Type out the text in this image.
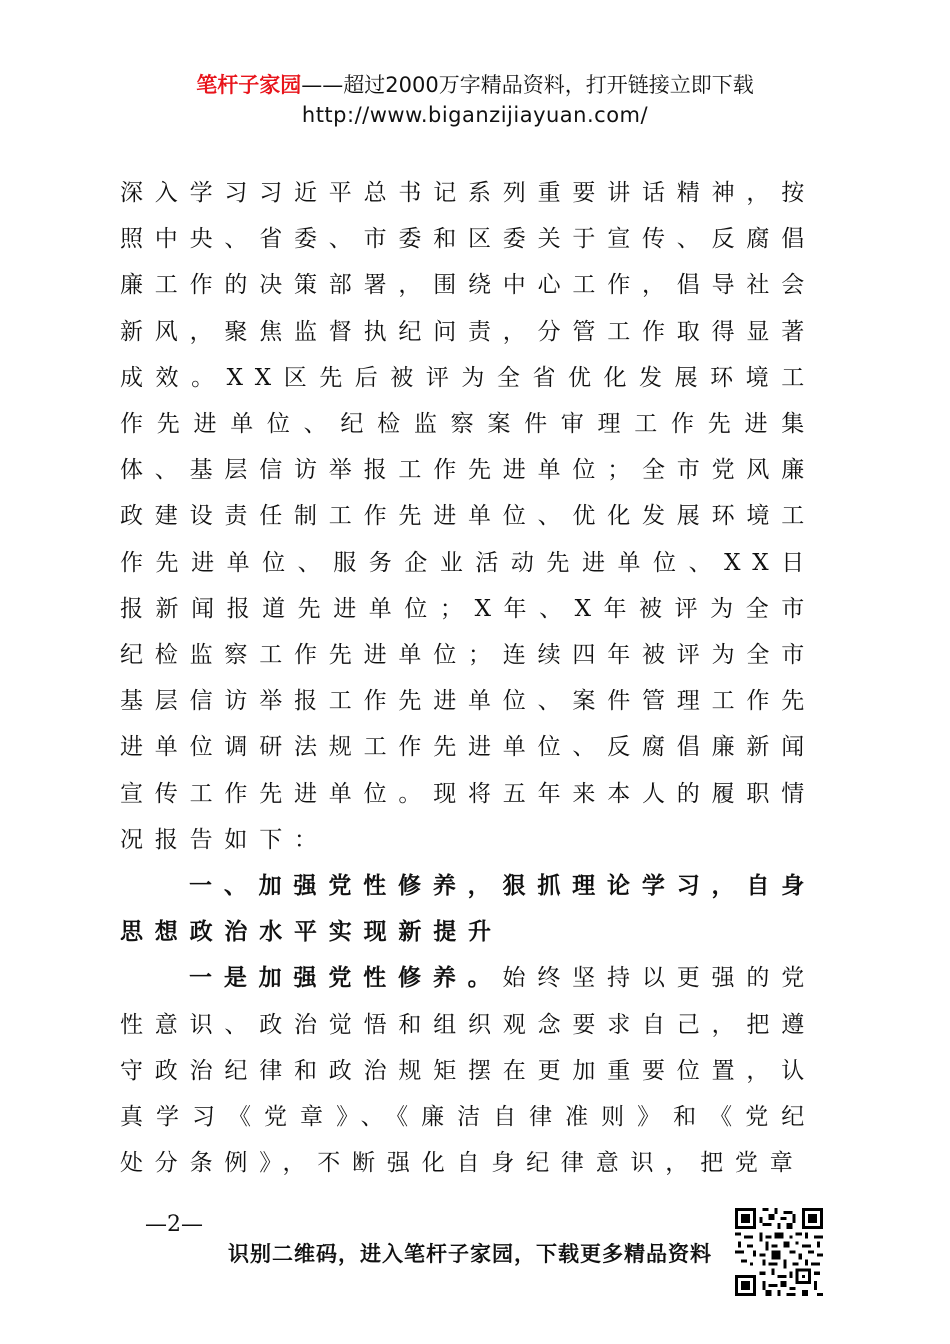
笔杆子家园——超过2000万字精品资料，打开链接立即下载
http://www.biganzijiayuan.com/

深入学习习近平总书记系列重要讲话精神，按照中央、省委、市委和区委关于宣传、反腐倡廉工作的决策部署，围绕中心工作，倡导社会新风，聚焦监督执纪问责，分管工作取得显著成效。XX区先后被评为全省优化发展环境工作先进单位、纪检监察案件审理工作先进集体、基层信访举报工作先进单位；全市党风廉政建设责任制工作先进单位、优化发展环境工作先进单位、服务企业活动先进单位、XX日报新闻报道先进单位；X年、X年被评为全市纪检监察工作先进单位；连续四年被评为全市基层信访举报工作先进单位、案件管理工作先进单位调研法规工作先进单位、反腐倡廉新闻宣传工作先进单位。现将五年来本人的履职情况报告如下：

一、加强党性修养，狠抓理论学习，自身思想政治水平实现新提升

一是加强党性修养。始终坚持以更强的党性意识、政治觉悟和组织观念要求自己，把遵守政治纪律和政治规矩摆在更加重要位置，认真学习《党章》、《廉洁自律准则》和《党纪处分条例》，不断强化自身纪律意识，把党章

—2—
识别二维码，进入笔杆子家园，下载更多精品资料
